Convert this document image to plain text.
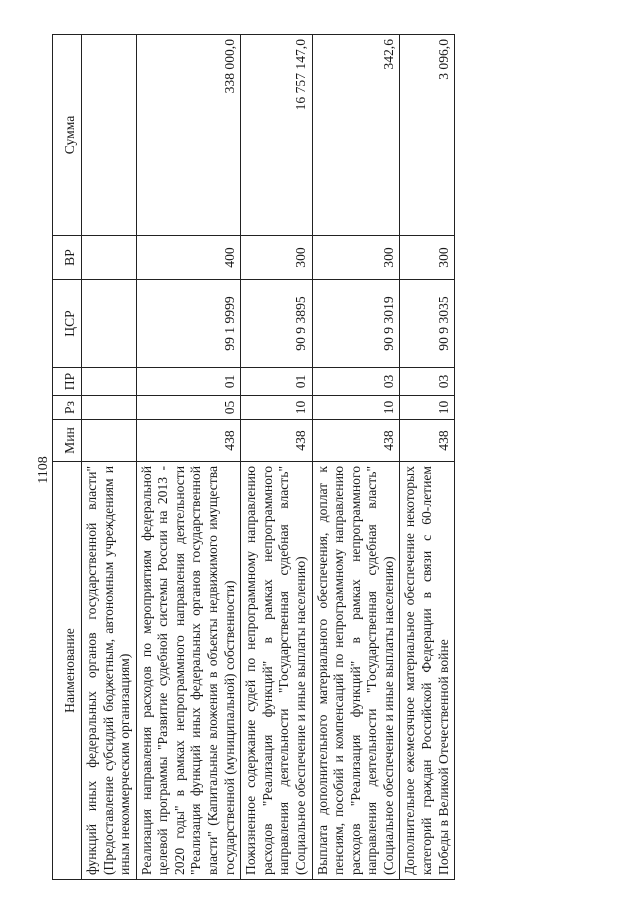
1108
Наименование	Мин	Рз	ПР	ЦСР	ВР	Сумма
функций иных федеральных органов государственной власти" (Предоставление субсидий бюджетным, автономным учреждениям и иным некоммерческим организациям)						
Реализация направления расходов по мероприятиям федеральной целевой программы "Развитие судебной системы России на 2013 - 2020 годы" в рамках непрограммного направления деятельности "Реализация функций иных федеральных органов государственной власти" (Капитальные вложения в объекты недвижимого имущества государственной (муниципальной) собственности)	438	05	01	99 1 9999	400	338 000,0
Пожизненное содержание судей по непрограммному направлению расходов "Реализация функций" в рамках непрограммного направления деятельности "Государственная судебная власть" (Социальное обеспечение и иные выплаты населению)	438	10	01	90 9 3895	300	16 757 147,0
Выплата дополнительного материального обеспечения, доплат к пенсиям, пособий и компенсаций по непрограммному направлению расходов "Реализация функций" в рамках непрограммного направления деятельности "Государственная судебная власть" (Социальное обеспечение и иные выплаты населению)	438	10	03	90 9 3019	300	342,6
Дополнительное ежемесячное материальное обеспечение некоторых категорий граждан Российской Федерации в связи с 60-летием Победы в Великой Отечественной войне	438	10	03	90 9 3035	300	3 096,0
